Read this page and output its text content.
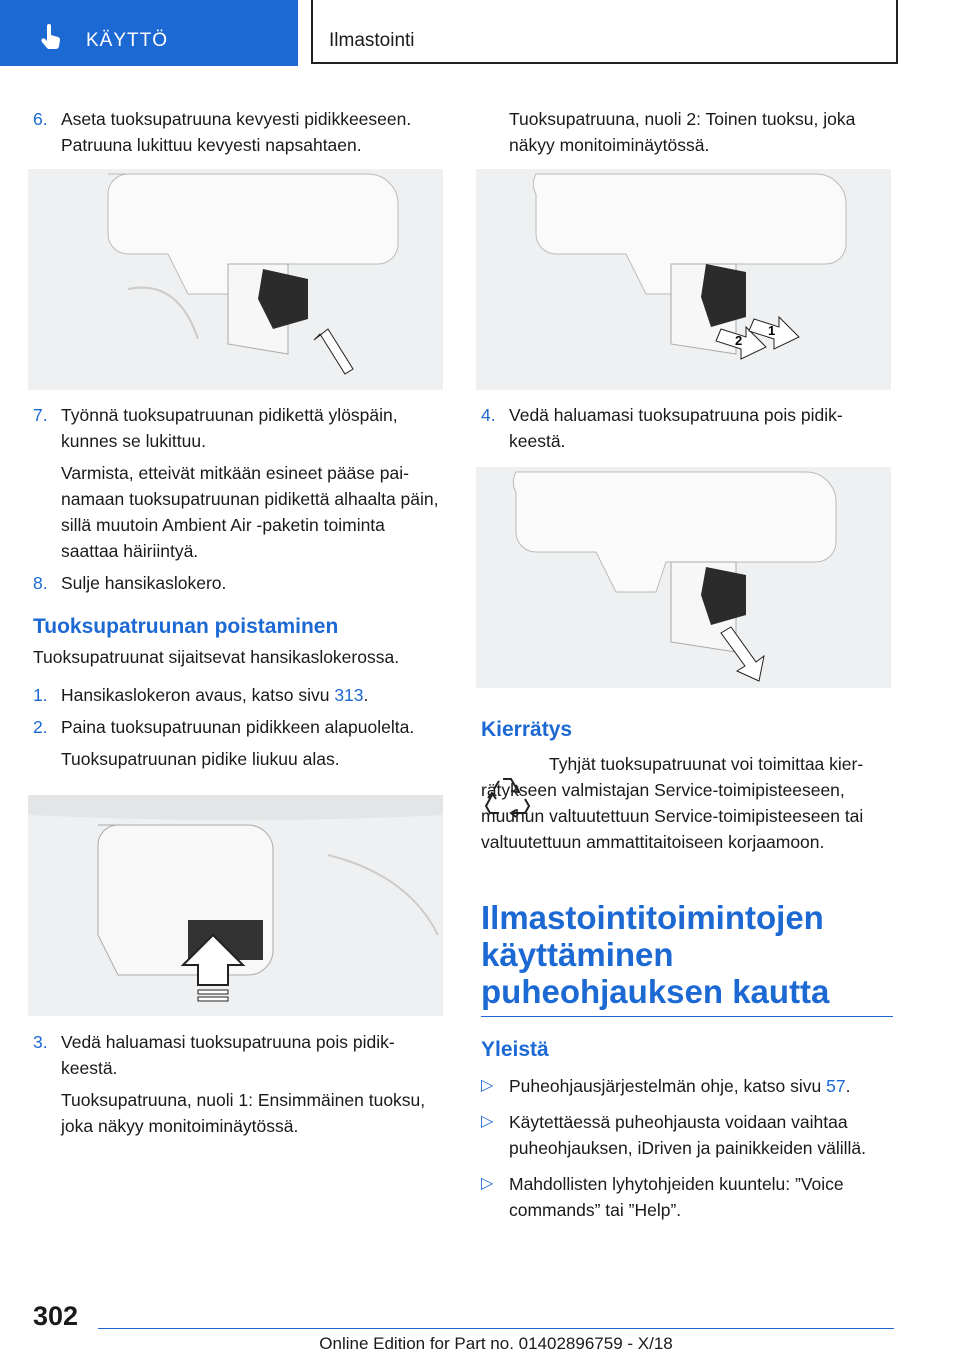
KÄYTTÖ	Ilmastointi

6. Aseta tuoksupatruuna kevyesti pidikkeeseen. Patruuna lukittuu kevyesti napsahtaen.

7. Työnnä tuoksupatruunan pidikettä ylöspäin, kunnes se lukittuu.

Varmista, etteivät mitkään esineet pääse painamaan tuoksupatruunan pidikettä alhaalta päin, sillä muutoin Ambient Air -paketin toiminta saattaa häiriintyä.

8. Sulje hansikaslokero.

Tuoksupatruunan poistaminen

Tuoksupatruunat sijaitsevat hansikaslokerossa.

1. Hansikaslokeron avaus, katso sivu 313.

2. Paina tuoksupatruunan pidikkeen alapuolelta.

Tuoksupatruunan pidike liukuu alas.

3. Vedä haluamasi tuoksupatruuna pois pidikkeestä.

Tuoksupatruuna, nuoli 1: Ensimmäinen tuoksu, joka näkyy monitoiminäytössä.

Tuoksupatruuna, nuoli 2: Toinen tuoksu, joka näkyy monitoiminäytössä.

2
1

4. Vedä haluamasi tuoksupatruuna pois pidikkeestä.

Kierrätys

Tyhjät tuoksupatruunat voi toimittaa kierrätykseen valmistajan Service-toimipisteeseen, muuhun valtuutettuun Service-toimipisteeseen tai valtuutettuun ammattitaitoiseen korjaamoon.

Ilmastointitoimintojen käyttäminen puheohjauksen kautta
Yleistä

▷ Puheohjausjärjestelmän ohje, katso sivu 57.

▷ Käytettäessä puheohjausta voidaan vaihtaa puheohjauksen, iDriven ja painikkeiden välillä.

▷ Mahdollisten lyhytohjeiden kuuntelu: ”Voice commands” tai ”Help”.

302
Online Edition for Part no. 01402896759 - X/18
